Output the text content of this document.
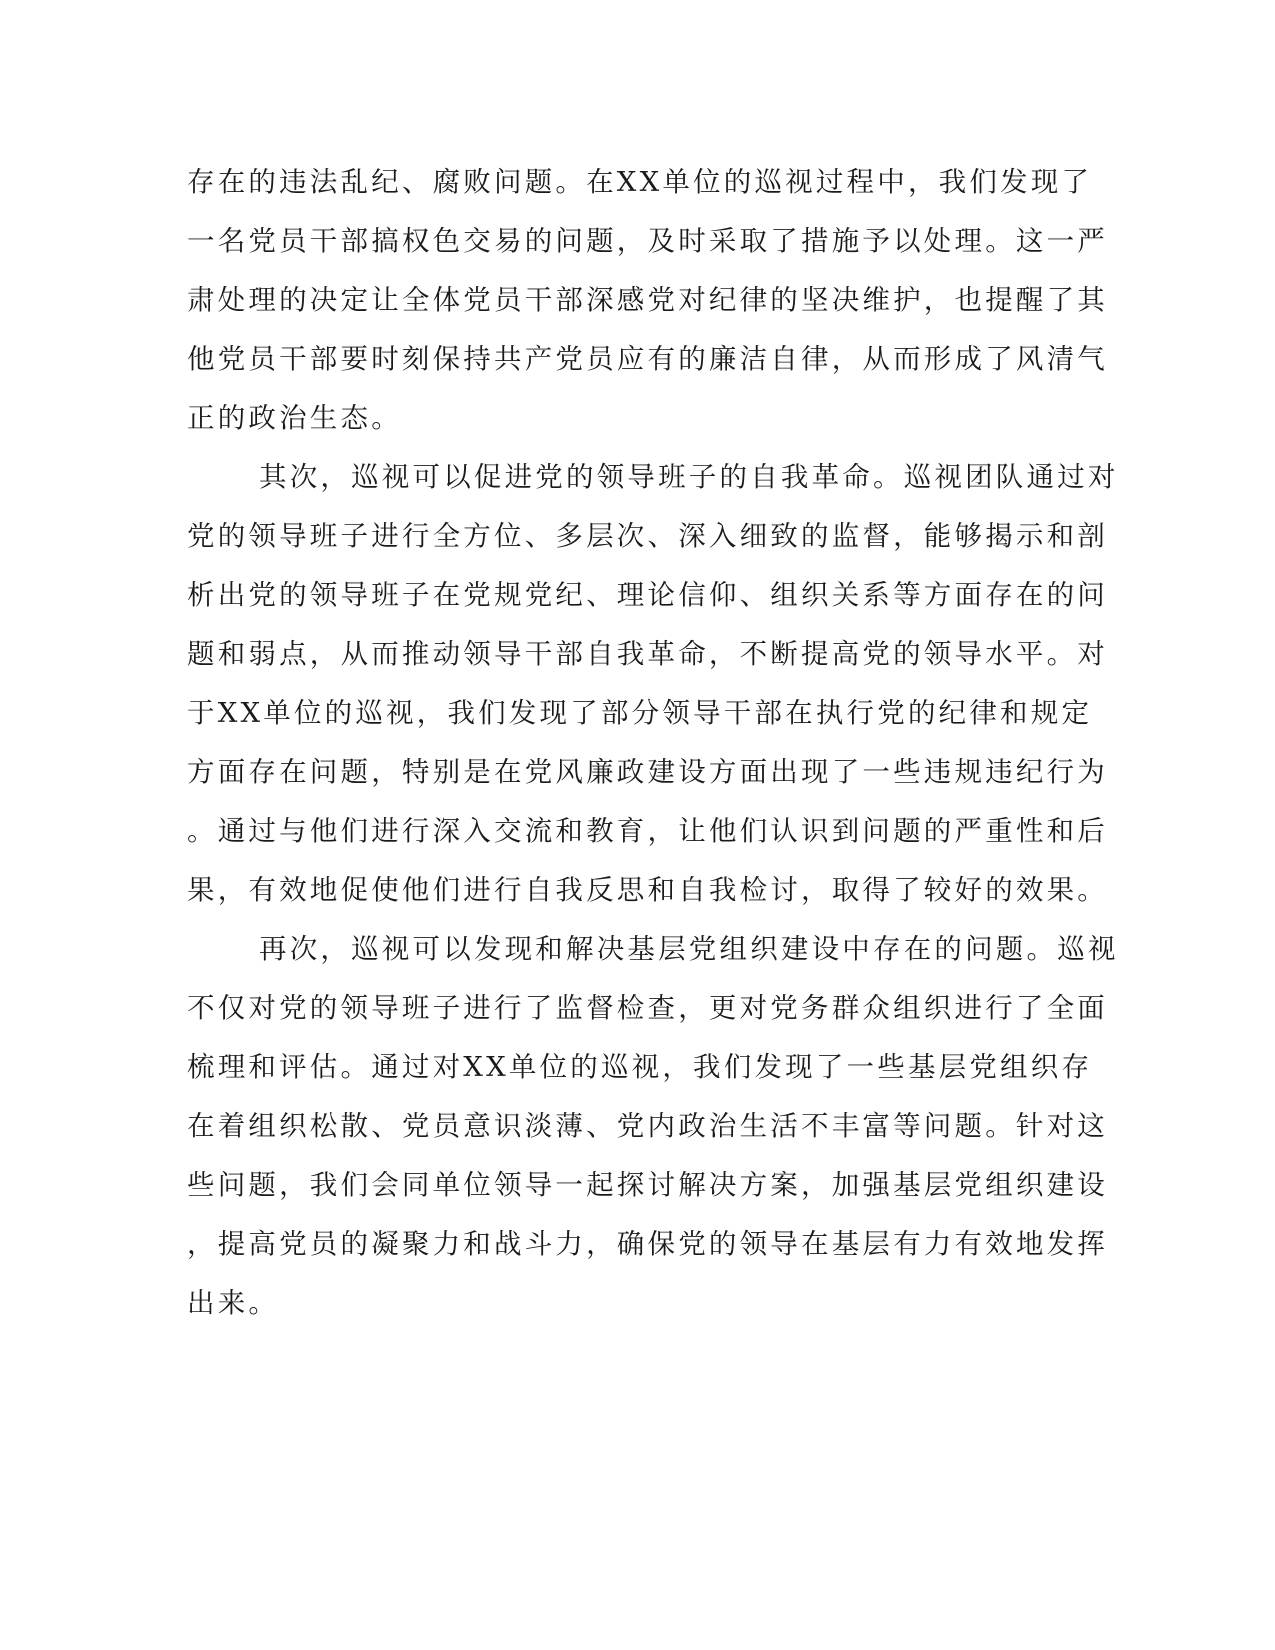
存在的违法乱纪、腐败问题。在XX单位的巡视过程中，我们发现了
一名党员干部搞权色交易的问题，及时采取了措施予以处理。这一严
肃处理的决定让全体党员干部深感党对纪律的坚决维护，也提醒了其
他党员干部要时刻保持共产党员应有的廉洁自律，从而形成了风清气
正的政治生态。
其次，巡视可以促进党的领导班子的自我革命。巡视团队通过对
党的领导班子进行全方位、多层次、深入细致的监督，能够揭示和剖
析出党的领导班子在党规党纪、理论信仰、组织关系等方面存在的问
题和弱点，从而推动领导干部自我革命，不断提高党的领导水平。对
于XX单位的巡视，我们发现了部分领导干部在执行党的纪律和规定
方面存在问题，特别是在党风廉政建设方面出现了一些违规违纪行为
。通过与他们进行深入交流和教育，让他们认识到问题的严重性和后
果，有效地促使他们进行自我反思和自我检讨，取得了较好的效果。
再次，巡视可以发现和解决基层党组织建设中存在的问题。巡视
不仅对党的领导班子进行了监督检查，更对党务群众组织进行了全面
梳理和评估。通过对XX单位的巡视，我们发现了一些基层党组织存
在着组织松散、党员意识淡薄、党内政治生活不丰富等问题。针对这
些问题，我们会同单位领导一起探讨解决方案，加强基层党组织建设
，提高党员的凝聚力和战斗力，确保党的领导在基层有力有效地发挥
出来。
